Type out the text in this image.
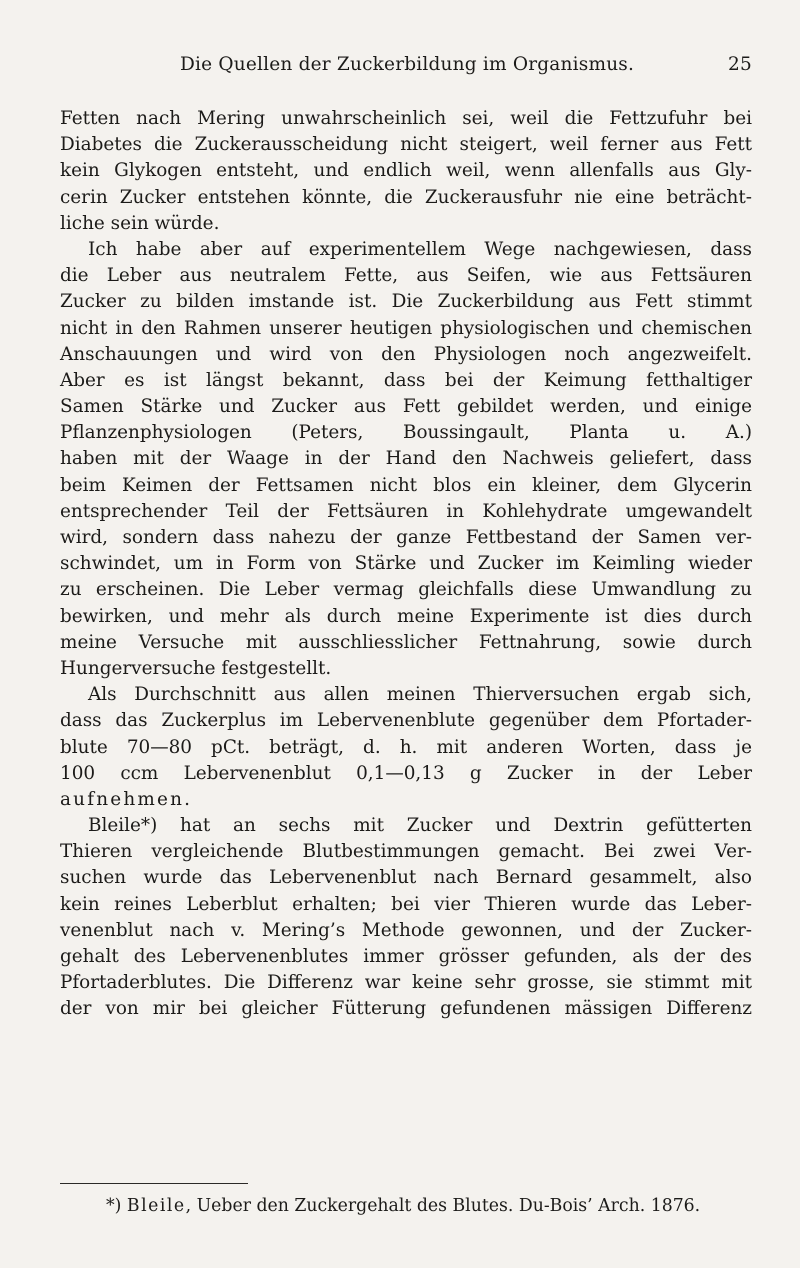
Die Quellen der Zuckerbildung im Organismus.	25
Fetten nach Mering unwahrscheinlich sei, weil die Fettzufuhr bei
Diabetes die Zuckerausscheidung nicht steigert, weil ferner aus Fett
kein Glykogen entsteht, und endlich weil, wenn allenfalls aus Gly-
cerin Zucker entstehen könnte, die Zuckerausfuhr nie eine beträcht-
liche sein würde.
Ich habe aber auf experimentellem Wege nachgewiesen, dass
die Leber aus neutralem Fette, aus Seifen, wie aus Fettsäuren
Zucker zu bilden imstande ist. Die Zuckerbildung aus Fett stimmt
nicht in den Rahmen unserer heutigen physiologischen und chemischen
Anschauungen und wird von den Physiologen noch angezweifelt.
Aber es ist längst bekannt, dass bei der Keimung fetthaltiger
Samen Stärke und Zucker aus Fett gebildet werden, und einige
Pflanzenphysiologen (Peters, Boussingault, Planta u. A.)
haben mit der Waage in der Hand den Nachweis geliefert, dass
beim Keimen der Fettsamen nicht blos ein kleiner, dem Glycerin
entsprechender Teil der Fettsäuren in Kohlehydrate umgewandelt
wird, sondern dass nahezu der ganze Fettbestand der Samen ver-
schwindet, um in Form von Stärke und Zucker im Keimling wieder
zu erscheinen. Die Leber vermag gleichfalls diese Umwandlung zu
bewirken, und mehr als durch meine Experimente ist dies durch
meine Versuche mit ausschliesslicher Fettnahrung, sowie durch
Hungerversuche festgestellt.
Als Durchschnitt aus allen meinen Thierversuchen ergab sich,
dass das Zuckerplus im Lebervenenblute gegenüber dem Pfortader-
blute 70—80 pCt. beträgt, d. h. mit anderen Worten, dass je
100 ccm Lebervenenblut 0,1—0,13 g Zucker in der Leber
aufnehmen.
Bleile*) hat an sechs mit Zucker und Dextrin gefütterten
Thieren vergleichende Blutbestimmungen gemacht. Bei zwei Ver-
suchen wurde das Lebervenenblut nach Bernard gesammelt, also
kein reines Leberblut erhalten; bei vier Thieren wurde das Leber-
venenblut nach v. Mering’s Methode gewonnen, und der Zucker-
gehalt des Lebervenenblutes immer grösser gefunden, als der des
Pfortaderblutes. Die Differenz war keine sehr grosse, sie stimmt mit
der von mir bei gleicher Fütterung gefundenen mässigen Differenz
*) Bleile, Ueber den Zuckergehalt des Blutes. Du-Bois’ Arch. 1876.
